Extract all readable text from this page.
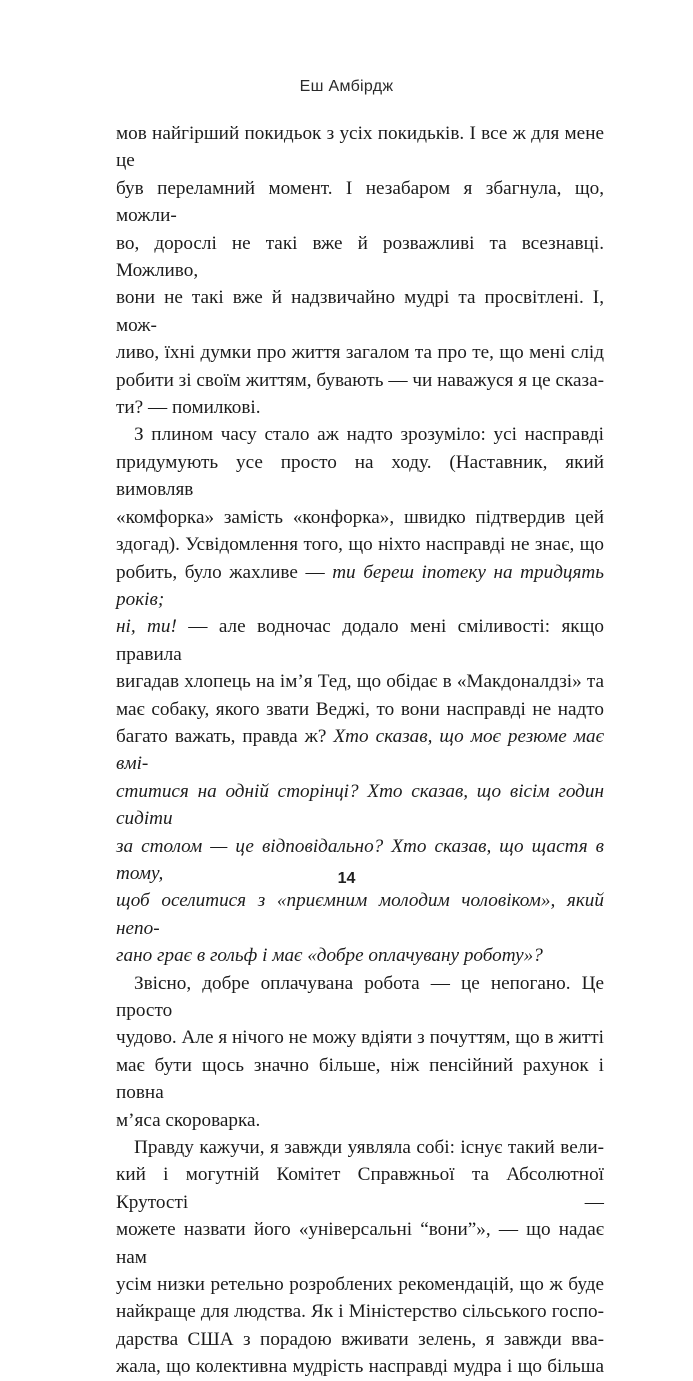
Еш Амбірдж

мов найгірший покидьок з усіх покидьків. І все ж для мене це
був переламний момент. І незабаром я збагнула, що, можли-
во, дорослі не такі вже й розважливі та всезнавці. Можливо,
вони не такі вже й надзвичайно мудрі та просвітлені. І, мож-
ливо, їхні думки про життя загалом та про те, що мені слід
робити зі своїм життям, бувають — чи наважуся я це сказа-
ти? — помилкові.

З плином часу стало аж надто зрозуміло: усі насправді
придумують усе просто на ходу. (Наставник, який вимовляв
«комфорка» замість «конфорка», швидко підтвердив цей
здогад). Усвідомлення того, що ніхто насправді не знає, що
робить, було жахливе — ти береш іпотеку на тридцять років;
ні, ти! — але водночас додало мені сміливості: якщо правила
вигадав хлопець на ім’я Тед, що обідає в «Макдоналдзі» та
має собаку, якого звати Веджі, то вони насправді не надто
багато важать, правда ж? Хто сказав, що моє резюме має вмі-
ститися на одній сторінці? Хто сказав, що вісім годин сидіти
за столом — це відповідально? Хто сказав, що щастя в тому,
щоб оселитися з «приємним молодим чоловіком», який непо-
гано грає в гольф і має «добре оплачувану роботу»?

Звісно, добре оплачувана робота — це непогано. Це просто
чудово. Але я нічого не можу вдіяти з почуттям, що в житті
має бути щось значно більше, ніж пенсійний рахунок і повна
м’яса скороварка.

Правду кажучи, я завжди уявляла собі: існує такий вели-
кий і могутній Комітет Справжньої та Абсолютної Крутості —
можете назвати його «універсальні “вони”», — що надає нам
усім низки ретельно розроблених рекомендацій, що ж буде
найкраще для людства. Як і Міністерство сільського госпо-
дарства США з порадою вживати зелень, я завжди вва-
жала, що колективна мудрість насправді мудра і що більша

14
